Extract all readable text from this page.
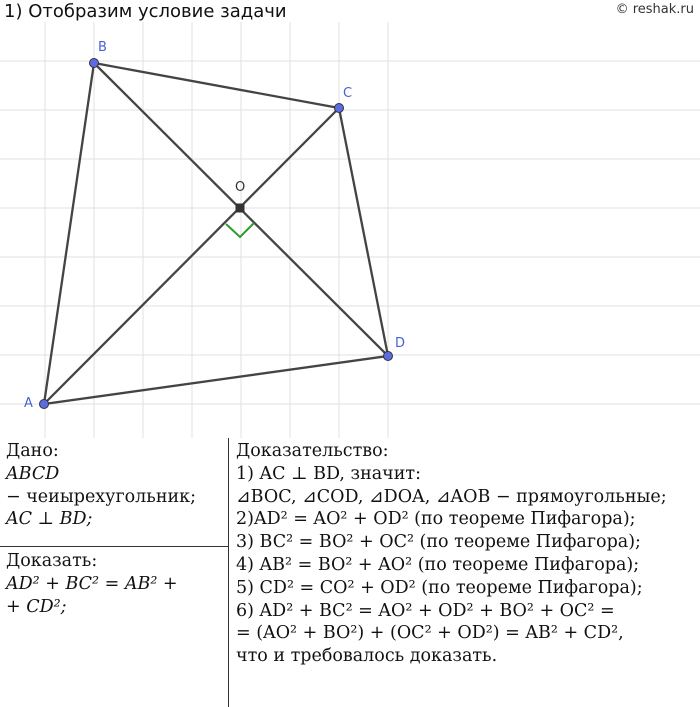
1) Отобразим условие задачи	© reshak.ru
A
B
C
D
O
Дано:
ABCD
− чеиырехугольник;
AC ⊥ BD;
Доказать:
AD² + BC² = AB² +
+ CD²;
Доказательство:
1) AC ⊥ BD, значит:
⊿BOC, ⊿COD, ⊿DOA, ⊿AOB − прямоугольные;
2)AD² = AO² + OD² (по теореме Пифагора);
3) BC² = BO² + OC² (по теореме Пифагора);
4) AB² = BO² + AO² (по теореме Пифагора);
5) CD² = CO² + OD² (по теореме Пифагора);
6) AD² + BC² = AO² + OD² + BO² + OC² =
= (AO² + BO²) + (OC² + OD²) = AB² + CD²,
что и требовалось доказать.
